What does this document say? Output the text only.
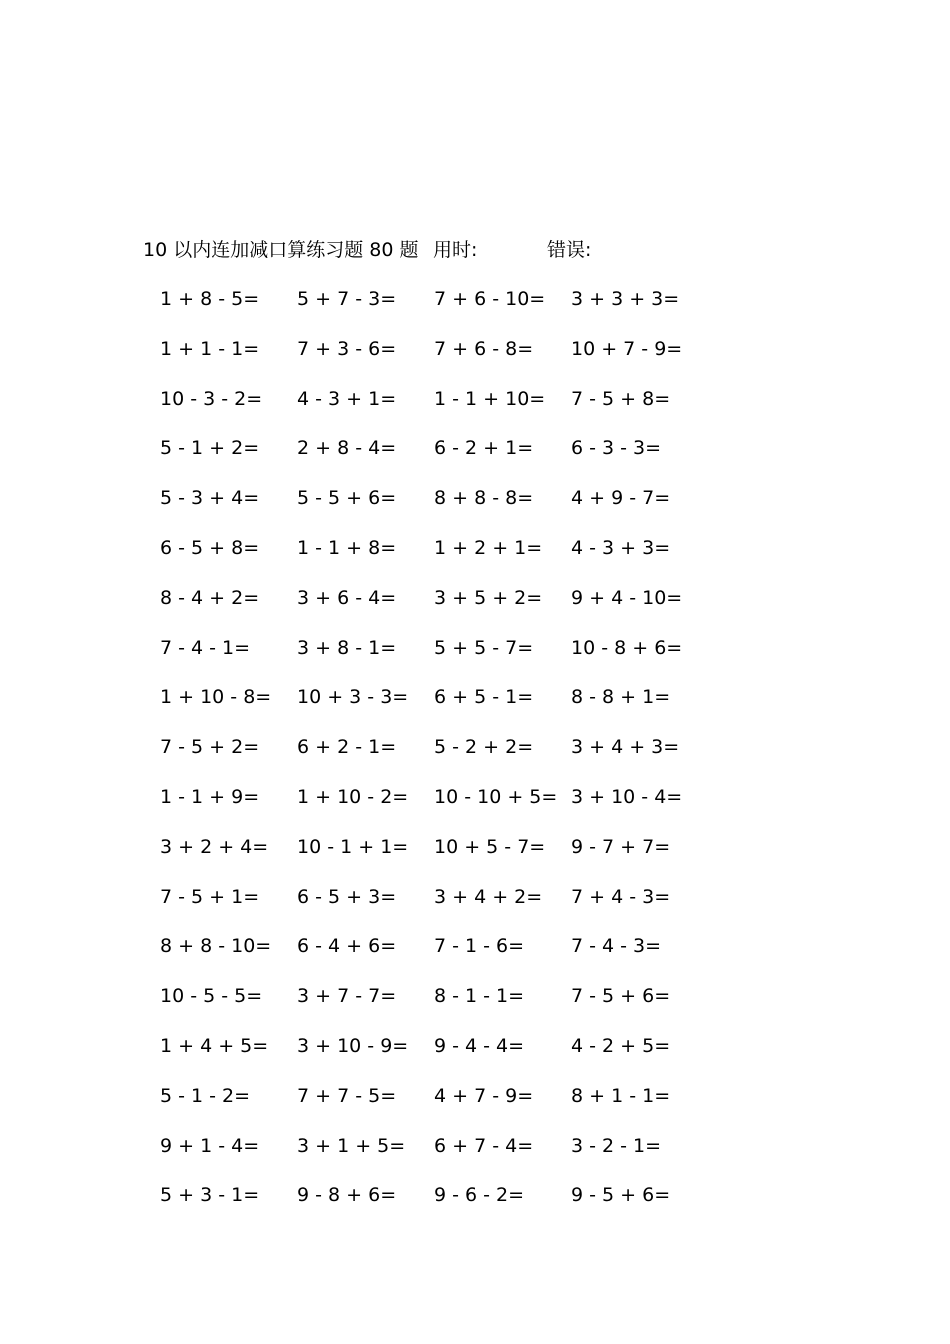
10 以内连加减口算练习题 80 题 用时:	错误:
1 + 8 - 5= 5 + 7 - 3= 7 + 6 - 10= 3 + 3 + 3=
1 + 1 - 1= 7 + 3 - 6= 7 + 6 - 8= 10 + 7 - 9=
10 - 3 - 2= 4 - 3 + 1= 1 - 1 + 10= 7 - 5 + 8=
5 - 1 + 2= 2 + 8 - 4= 6 - 2 + 1= 6 - 3 - 3=
5 - 3 + 4= 5 - 5 + 6= 8 + 8 - 8= 4 + 9 - 7=
6 - 5 + 8= 1 - 1 + 8= 1 + 2 + 1= 4 - 3 + 3=
8 - 4 + 2= 3 + 6 - 4= 3 + 5 + 2= 9 + 4 - 10=
7 - 4 - 1= 3 + 8 - 1= 5 + 5 - 7= 10 - 8 + 6=
1 + 10 - 8= 10 + 3 - 3= 6 + 5 - 1= 8 - 8 + 1=
7 - 5 + 2= 6 + 2 - 1= 5 - 2 + 2= 3 + 4 + 3=
1 - 1 + 9= 1 + 10 - 2= 10 - 10 + 5= 3 + 10 - 4=
3 + 2 + 4= 10 - 1 + 1= 10 + 5 - 7= 9 - 7 + 7=
7 - 5 + 1= 6 - 5 + 3= 3 + 4 + 2= 7 + 4 - 3=
8 + 8 - 10= 6 - 4 + 6= 7 - 1 - 6= 7 - 4 - 3=
10 - 5 - 5= 3 + 7 - 7= 8 - 1 - 1= 7 - 5 + 6=
1 + 4 + 5= 3 + 10 - 9= 9 - 4 - 4= 4 - 2 + 5=
5 - 1 - 2= 7 + 7 - 5= 4 + 7 - 9= 8 + 1 - 1=
9 + 1 - 4= 3 + 1 + 5= 6 + 7 - 4= 3 - 2 - 1=
5 + 3 - 1= 9 - 8 + 6= 9 - 6 - 2= 9 - 5 + 6=
